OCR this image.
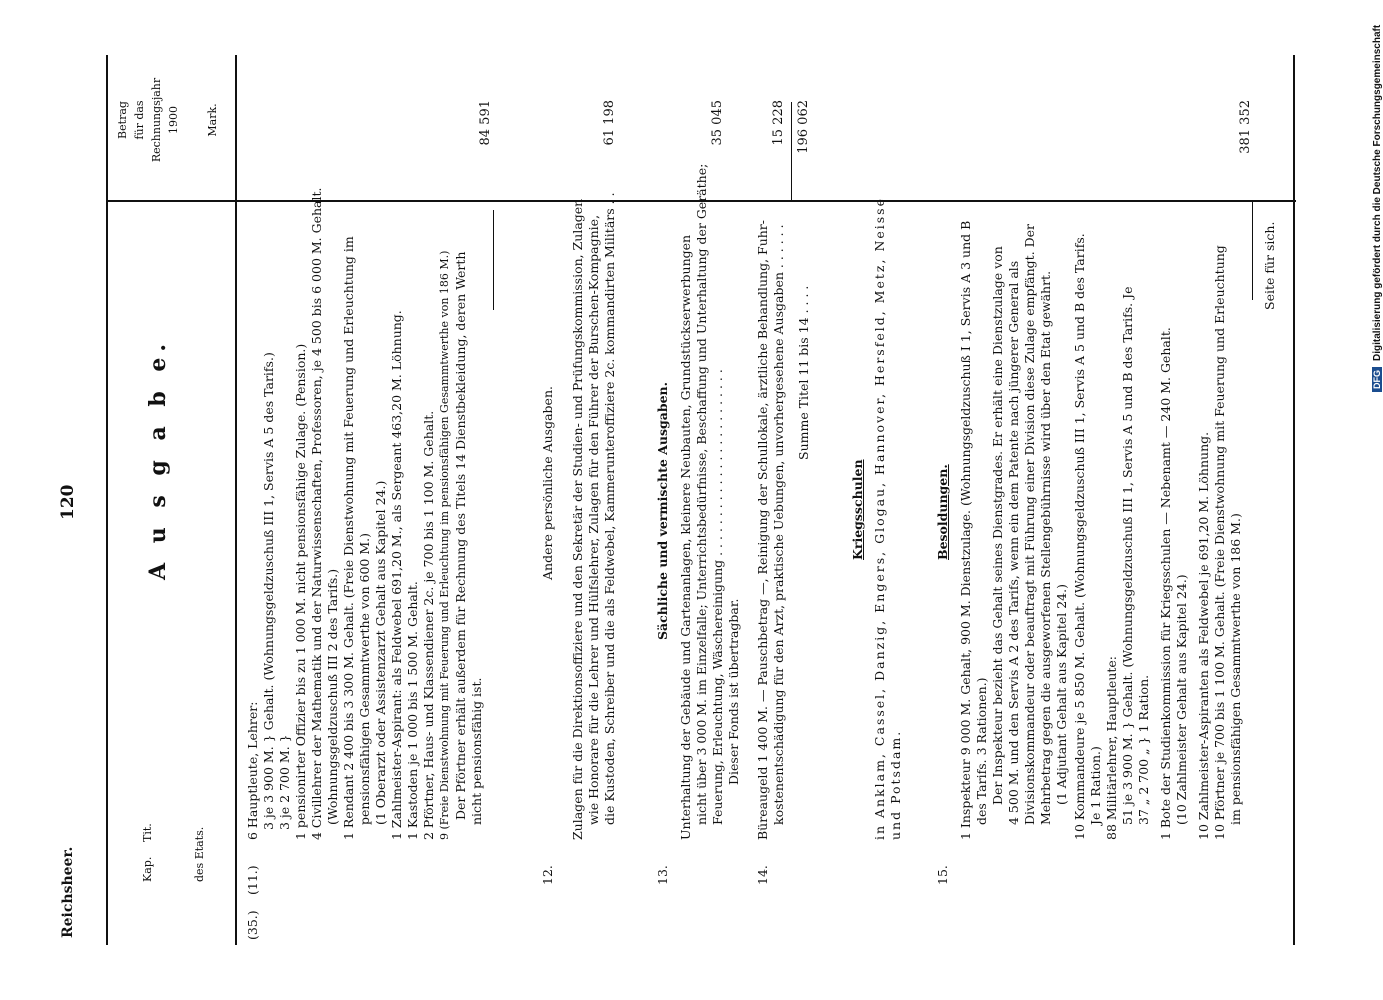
DFGDigitalisierung gefördert durch die Deutsche Forschungsgemeinschaft
Reichsheer.
120
Kap.
Tit.	des Etats.
A u s g a b e.
Betrag für das Rechnungsjahr 1900 Mark.
(35.)
(11.)
6 Hauptleute, Lehrer: 3 je 3 900 M. } Gehalt. (Wohnungsgeldzuschuß III 1, Servis A 5 des Tarifs.) 3 je 2 700 M. } 1 pensionirter Offizier bis zu 1 000 M. nicht pensionsfähige Zulage. (Pension.) 4 Civillehrer der Mathematik und der Naturwissenschaften, Professoren, je 4 500 bis 6 000 M. Gehalt. (Wohnungsgeldzuschuß III 2 des Tarifs.) 1 Rendant 2 400 bis 3 300 M. Gehalt. (Freie Dienstwohnung mit Feuerung und Erleuchtung im pensionsfähigen Gesammtwerthe von 600 M.) (1 Oberarzt oder Assistenzarzt Gehalt aus Kapitel 24.) 1 Zahlmeister-Aspirant: als Feldwebel 691,20 M., als Sergeant 463,20 M. Löhnung. 1 Kastoden je 1 000 bis 1 500 M. Gehalt. 2 Pförtner, Haus- und Klassendiener 2c. je 700 bis 1 100 M. Gehalt. 9 (Freie Dienstwohnung mit Feuerung und Erleuchtung im pensionsfähigen Gesammtwerthe von 186 M.) Der Pförtner erhält außerdem für Rechnung des Titels 14 Dienstbekleidung, deren Werth nicht pensionsfähig ist.
84 591
12.
Andere persönliche Ausgaben. Zulagen für die Direktionsoffiziere und den Sekretär der Studien- und Prüfungskommission, Zulagen wie Honorare für die Lehrer und Hülfslehrer, Zulagen für den Führer der Burschen-Kompagnie, die Kustoden, Schreiber und die als Feldwebel, Kammerunteroffiziere 2c. kommandirten Militärs . .
61 198
13.
Sächliche und vermischte Ausgaben. Unterhaltung der Gebäude und Gartenanlagen, kleinere Neubauten, Grundstückserwerbungen nicht über 3 000 M. im Einzelfalle; Unterrichtsbedürfnisse, Beschaffung und Unterhaltung der Geräthe; Feuerung, Erleuchtung, Wäschereinigung . . . . . . . . . . . . . . . . . . . . . . . . Dieser Fonds ist übertragbar.
35 045
14.
Büreaugeld 1 400 M. — Pauschbetrag —, Reinigung der Schullokale, ärztliche Behandlung, Fuhr- kostenentschädigung für den Arzt, praktische Uebungen, unvorhergesehene Ausgaben . . . . . .
15 228
Summe Titel 11 bis 14 . . . .
196 062
Kriegsschulen in Anklam, Cassel, Danzig, Engers, Glogau, Hannover, Hersfeld, Metz, Neisse und Potsdam.
15.
Besoldungen. 1 Inspekteur 9 000 M. Gehalt, 900 M. Dienstzulage. (Wohnungsgeldzuschuß I 1, Servis A 3 und B des Tarifs. 3 Rationen.) Der Inspekteur bezieht das Gehalt seines Dienstgrades. Er erhält eine Dienstzulage von 4 500 M. und den Servis A 2 des Tarifs, wenn ein dem Patente nach jüngerer General als Divisionskommandeur oder beauftragt mit Führung einer Division diese Zulage empfängt. Der Mehrbetrag gegen die ausgeworfenen Stellengebührnisse wird über den Etat gewährt. (1 Adjutant Gehalt aus Kapitel 24.) 10 Kommandeure je 5 850 M. Gehalt. (Wohnungsgeldzuschuß III 1, Servis A 5 und B des Tarifs. Je 1 Ration.) 88 Militärlehrer, Hauptleute: 51 je 3 900 M. } Gehalt. (Wohnungsgeldzuschuß III 1, Servis A 5 und B des Tarifs. Je 37 „ 2 700 „ } 1 Ration. 1 Bote der Studienkommission für Kriegsschulen — Nebenamt — 240 M. Gehalt. (10 Zahlmeister Gehalt aus Kapitel 24.) 10 Zahlmeister-Aspiranten als Feldwebel je 691,20 M. Löhnung. 10 Pförtner je 700 bis 1 100 M. Gehalt. (Freie Dienstwohnung mit Feuerung und Erleuchtung im pensionsfähigen Gesammtwerthe von 186 M.)
381 352
Seite für sich.
